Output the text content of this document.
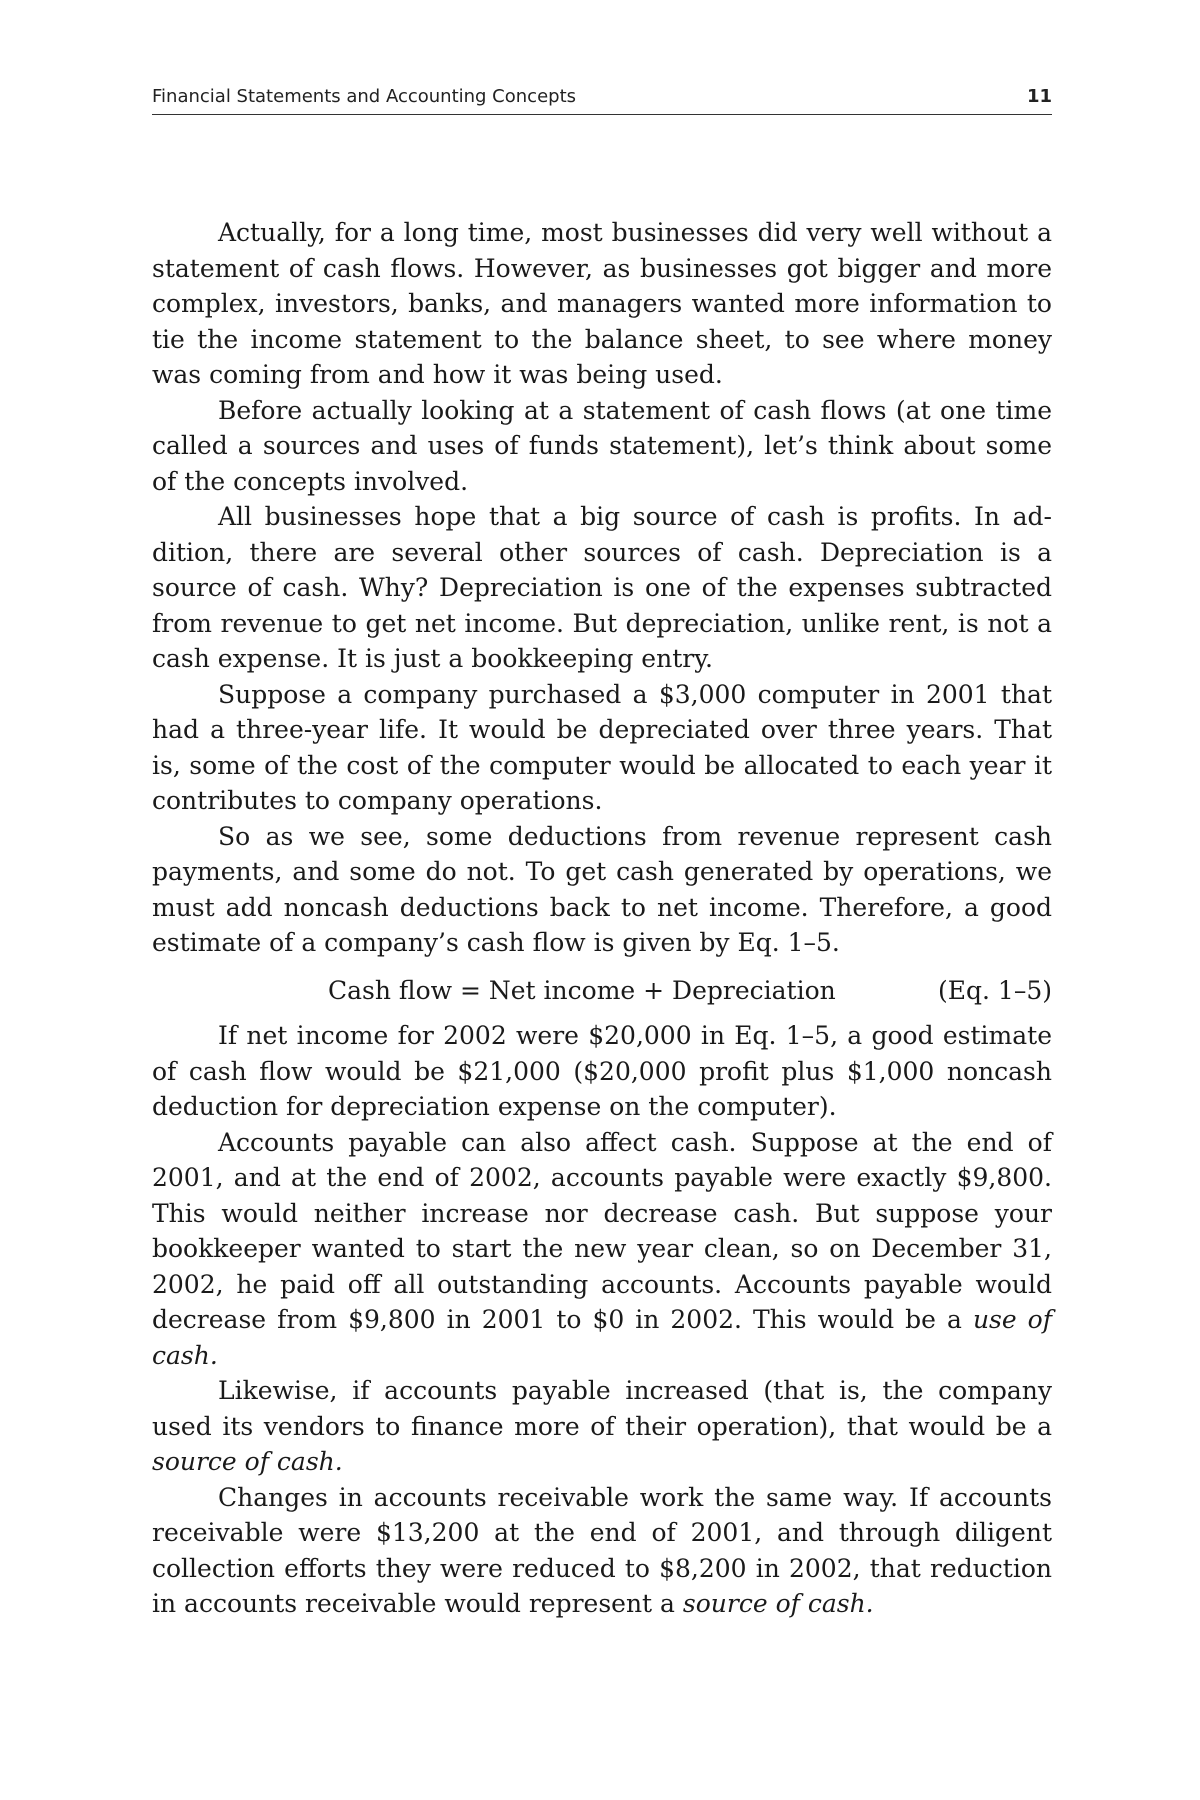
Financial Statements and Accounting Concepts	11

Actually, for a long time, most businesses did very well without a statement of cash flows. However, as businesses got bigger and more complex, investors, banks, and managers wanted more information to tie the income statement to the balance sheet, to see where money was coming from and how it was being used.

Before actually looking at a statement of cash flows (at one time called a sources and uses of funds statement), let’s think about some of the concepts involved.

All businesses hope that a big source of cash is profits. In addition, there are several other sources of cash. Depreciation is a source of cash. Why? Depreciation is one of the expenses subtracted from revenue to get net income. But depreciation, unlike rent, is not a cash expense. It is just a bookkeeping entry.

Suppose a company purchased a $3,000 computer in 2001 that had a three-year life. It would be depreciated over three years. That is, some of the cost of the computer would be allocated to each year it contributes to company operations.

So as we see, some deductions from revenue represent cash payments, and some do not. To get cash generated by operations, we must add noncash deductions back to net income. Therefore, a good estimate of a company’s cash flow is given by Eq. 1–5.

Cash flow = Net income + Depreciation	(Eq. 1–5)

If net income for 2002 were $20,000 in Eq. 1–5, a good estimate of cash flow would be $21,000 ($20,000 profit plus $1,000 noncash deduction for depreciation expense on the computer).

Accounts payable can also affect cash. Suppose at the end of 2001, and at the end of 2002, accounts payable were exactly $9,800. This would neither increase nor decrease cash. But suppose your bookkeeper wanted to start the new year clean, so on December 31, 2002, he paid off all outstanding accounts. Accounts payable would decrease from $9,800 in 2001 to $0 in 2002. This would be a use of cash.

Likewise, if accounts payable increased (that is, the company used its vendors to finance more of their operation), that would be a source of cash.

Changes in accounts receivable work the same way. If accounts receivable were $13,200 at the end of 2001, and through diligent collection efforts they were reduced to $8,200 in 2002, that reduction in accounts receivable would represent a source of cash.
